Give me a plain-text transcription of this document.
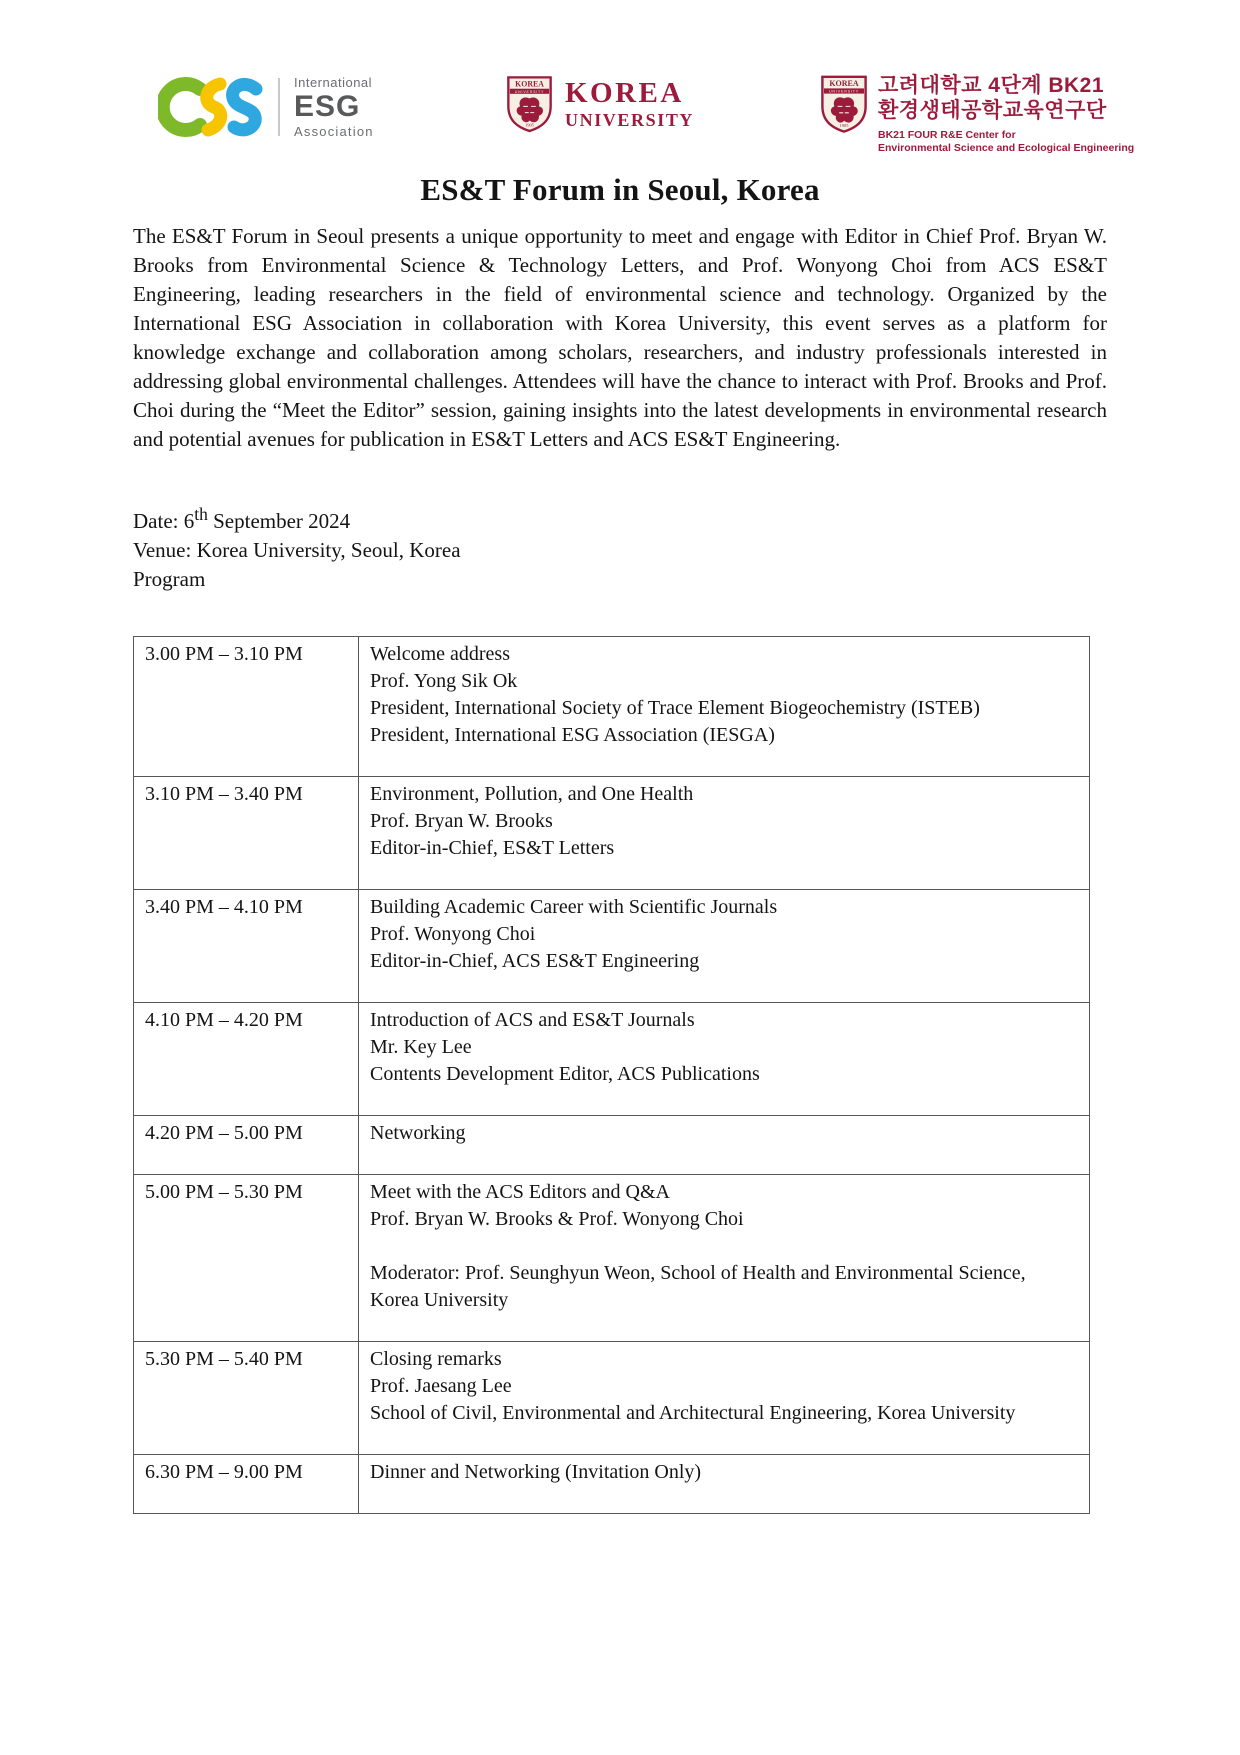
International
ESG
Association
KOREA
UNIVERSITY
1905
KOREA
UNIVERSITY
KOREA
UNIVERSITY
1905
고려대학교 4단계 BK21
환경생태공학교육연구단
BK21 FOUR R&E Center for
Environmental Science and Ecological Engineering
ES&T Forum in Seoul, Korea

The ES&T Forum in Seoul presents a unique opportunity to meet and engage with Editor in Chief Prof. Bryan W. Brooks from Environmental Science & Technology Letters, and Prof. Wonyong Choi from ACS ES&T Engineering, leading researchers in the field of environmental science and technology. Organized by the International ESG Association in collaboration with Korea University, this event serves as a platform for knowledge exchange and collaboration among scholars, researchers, and industry professionals interested in addressing global environmental challenges. Attendees will have the chance to interact with Prof. Brooks and Prof. Choi during the “Meet the Editor” session, gaining insights into the latest developments in environmental research and potential avenues for publication in ES&T Letters and ACS ES&T Engineering.

Date: 6th September 2024
Venue: Korea University, Seoul, Korea
Program
3.00 PM – 3.10 PM	Welcome address
Prof. Yong Sik Ok
President, International Society of Trace Element Biogeochemistry (ISTEB)
President, International ESG Association (IESGA)

3.10 PM – 3.40 PM	Environment, Pollution, and One Health
Prof. Bryan W. Brooks
Editor-in-Chief, ES&T Letters

3.40 PM – 4.10 PM	Building Academic Career with Scientific Journals
Prof. Wonyong Choi
Editor-in-Chief, ACS ES&T Engineering

4.10 PM – 4.20 PM	Introduction of ACS and ES&T Journals
Mr. Key Lee
Contents Development Editor, ACS Publications

4.20 PM – 5.00 PM	Networking

5.00 PM – 5.30 PM	Meet with the ACS Editors and Q&A
Prof. Bryan W. Brooks & Prof. Wonyong Choi

Moderator: Prof. Seunghyun Weon, School of Health and Environmental Science, Korea University

5.30 PM – 5.40 PM	Closing remarks
Prof. Jaesang Lee
School of Civil, Environmental and Architectural Engineering, Korea University

6.30 PM – 9.00 PM	Dinner and Networking (Invitation Only)
